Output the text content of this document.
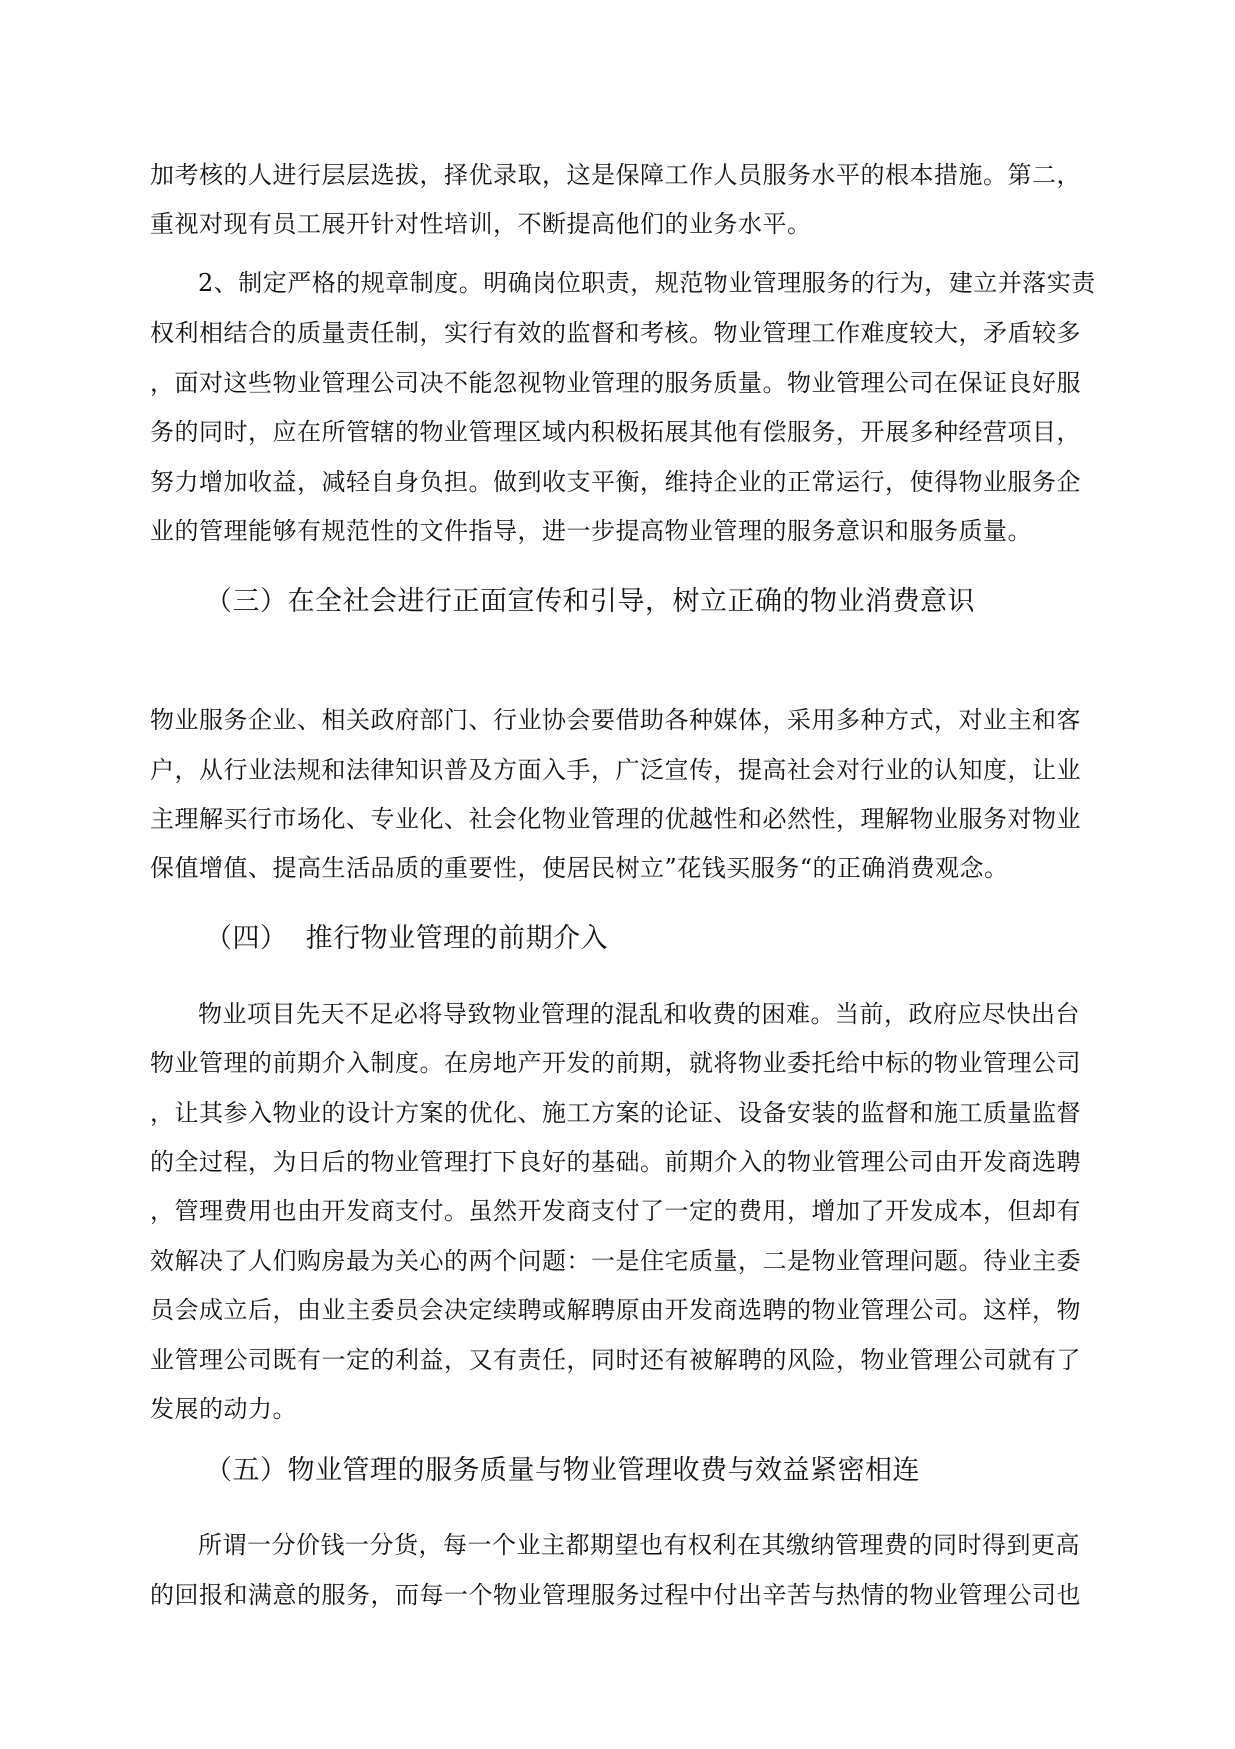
加考核的人进行层层选拔，择优录取，这是保障工作人员服务水平的根本措施。第二，
重视对现有员工展开针对性培训，不断提高他们的业务水平。
2、制定严格的规章制度。明确岗位职责，规范物业管理服务的行为，建立并落实责
权利相结合的质量责任制，实行有效的监督和考核。物业管理工作难度较大，矛盾较多
，面对这些物业管理公司决不能忽视物业管理的服务质量。物业管理公司在保证良好服
务的同时，应在所管辖的物业管理区域内积极拓展其他有偿服务，开展多种经营项目，
努力增加收益，减轻自身负担。做到收支平衡，维持企业的正常运行，使得物业服务企
业的管理能够有规范性的文件指导，进一步提高物业管理的服务意识和服务质量。
（三）在全社会进行正面宣传和引导，树立正确的物业消费意识
物业服务企业、相关政府部门、行业协会要借助各种媒体，采用多种方式，对业主和客
户，从行业法规和法律知识普及方面入手，广泛宣传，提高社会对行业的认知度，让业
主理解买行市场化、专业化、社会化物业管理的优越性和必然性，理解物业服务对物业
保值增值、提高生活品质的重要性，使居民树立”花钱买服务“的正确消费观念。
（四）  推行物业管理的前期介入
物业项目先天不足必将导致物业管理的混乱和收费的困难。当前，政府应尽快出台
物业管理的前期介入制度。在房地产开发的前期，就将物业委托给中标的物业管理公司
，让其参入物业的设计方案的优化、施工方案的论证、设备安装的监督和施工质量监督
的全过程，为日后的物业管理打下良好的基础。前期介入的物业管理公司由开发商选聘
，管理费用也由开发商支付。虽然开发商支付了一定的费用，增加了开发成本，但却有
效解决了人们购房最为关心的两个问题：一是住宅质量，二是物业管理问题。待业主委
员会成立后，由业主委员会决定续聘或解聘原由开发商选聘的物业管理公司。这样，物
业管理公司既有一定的利益，又有责任，同时还有被解聘的风险，物业管理公司就有了
发展的动力。
（五）物业管理的服务质量与物业管理收费与效益紧密相连
所谓一分价钱一分货，每一个业主都期望也有权利在其缴纳管理费的同时得到更高
的回报和满意的服务，而每一个物业管理服务过程中付出辛苦与热情的物业管理公司也
